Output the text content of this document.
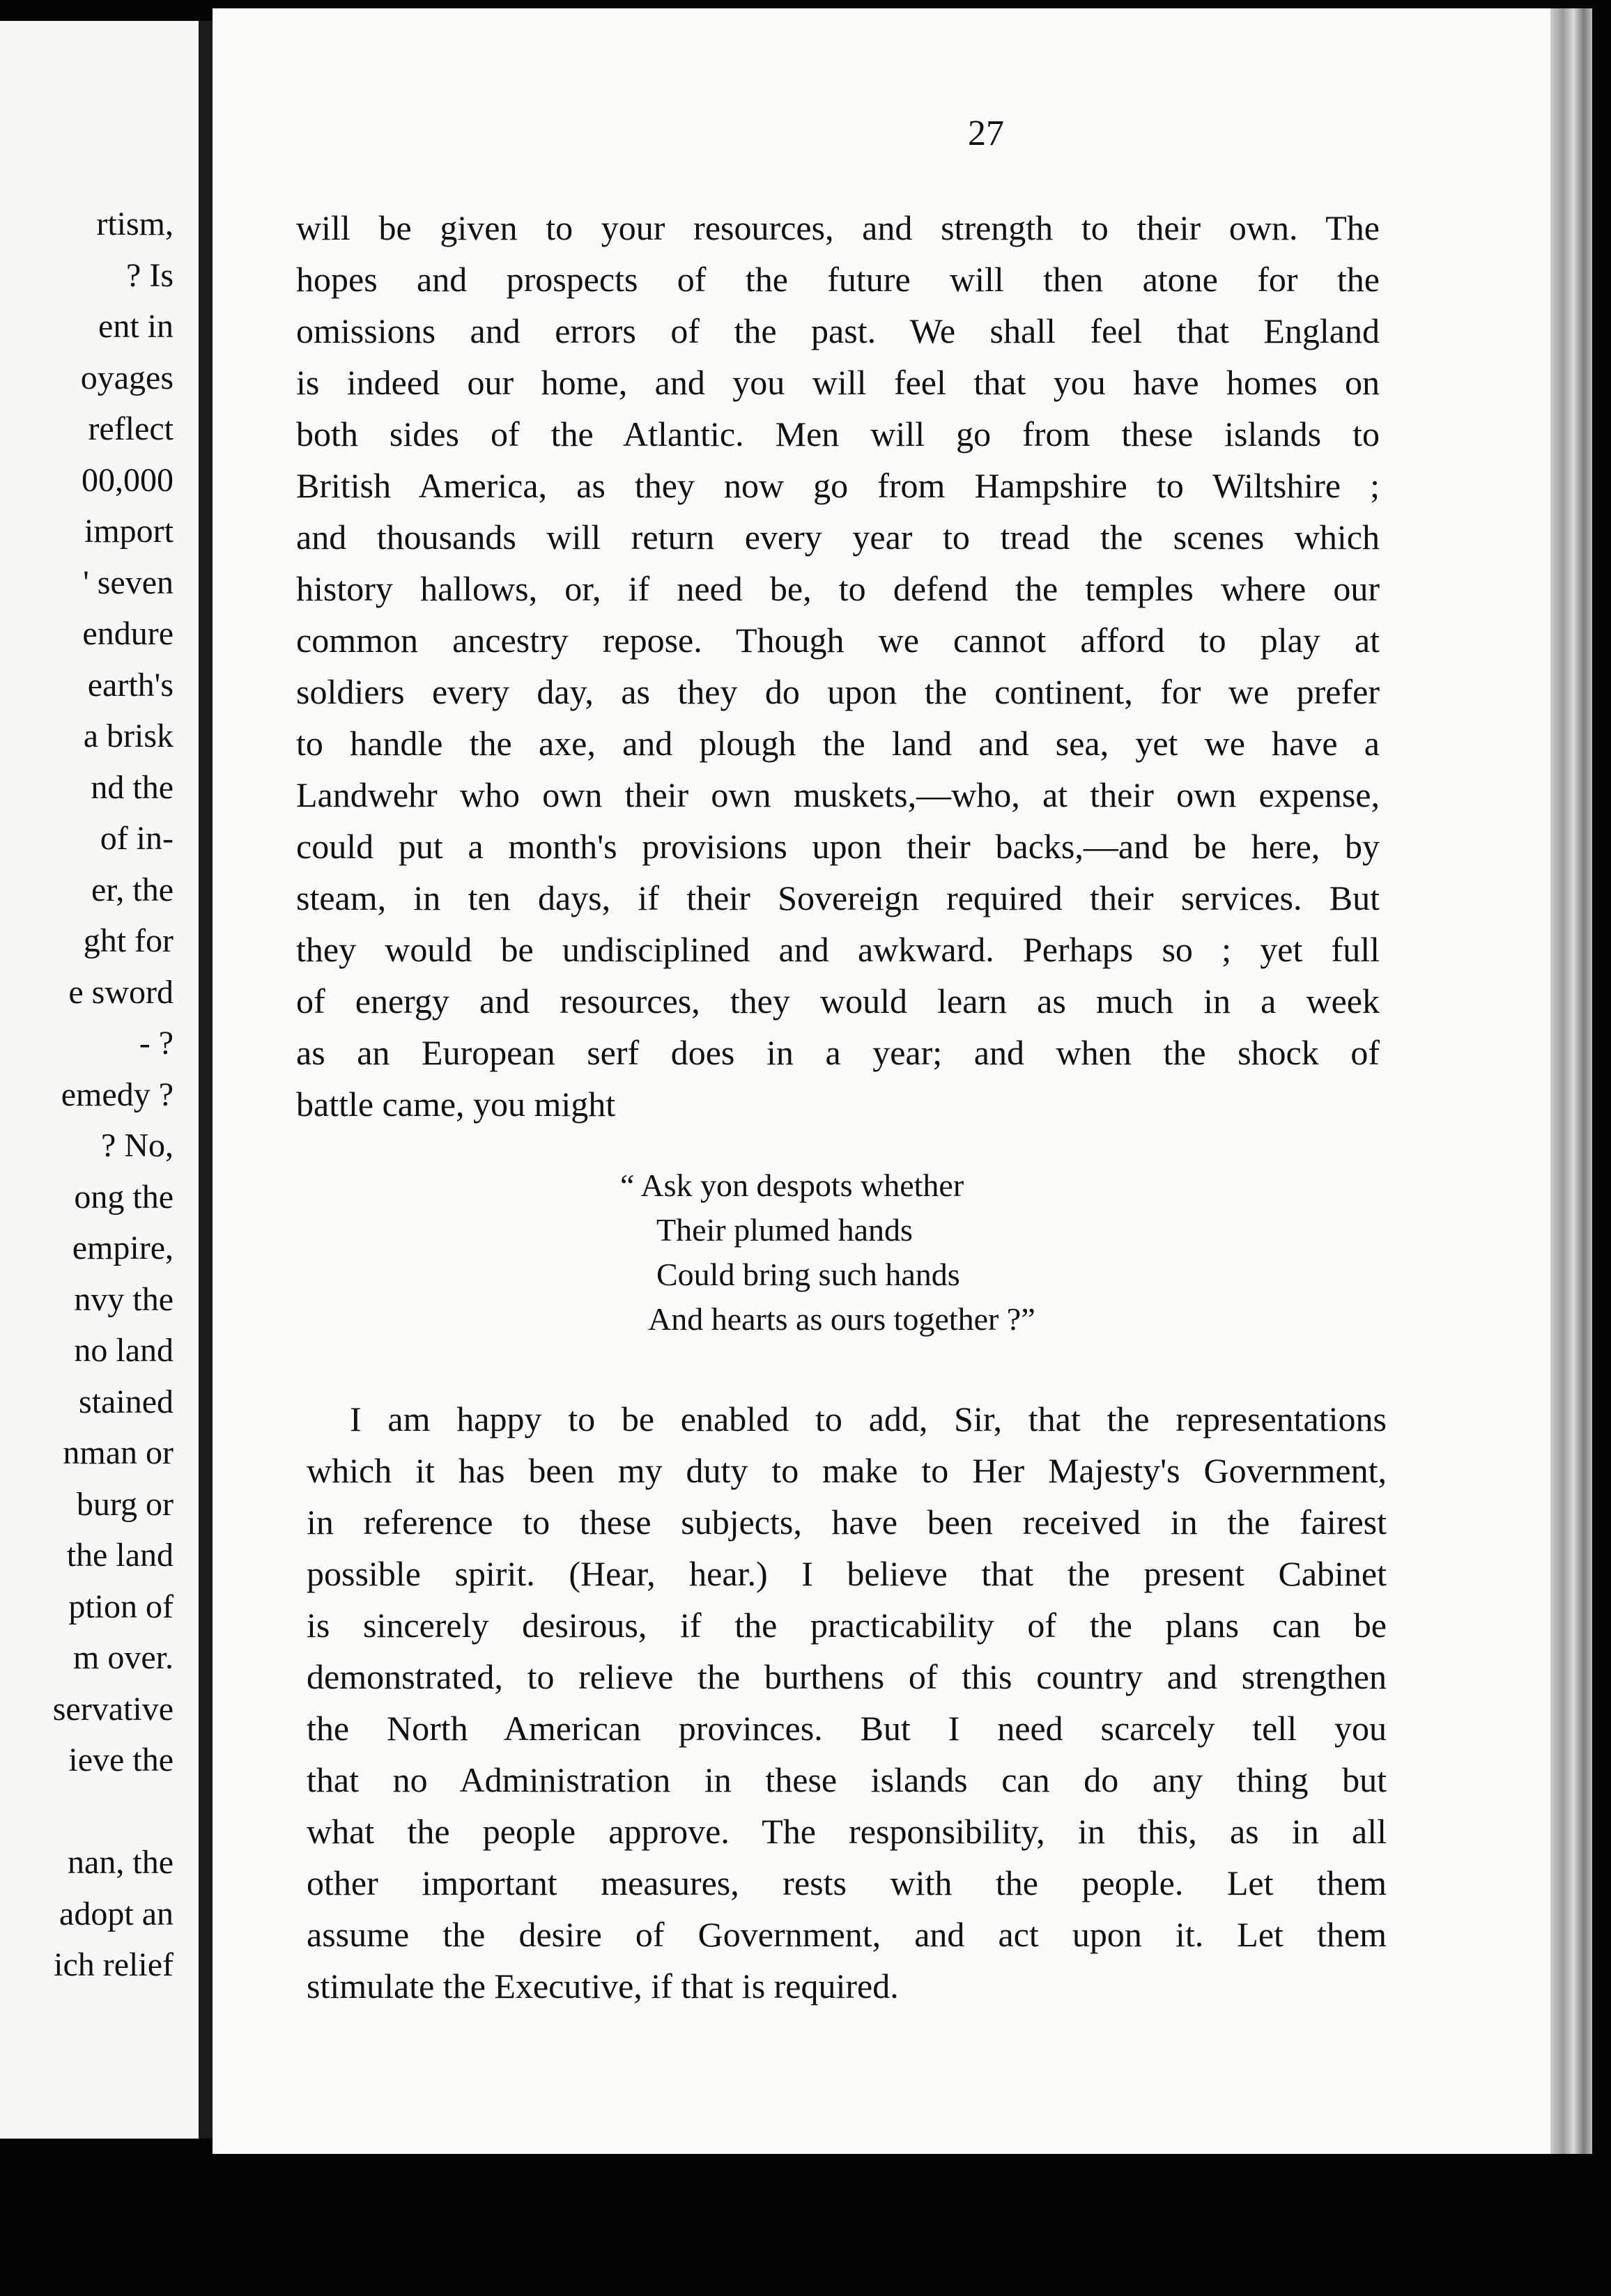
rtism,
? Is
ent in
oyages
reflect
00,000
import
' seven
endure
earth's
a brisk
nd the
of in-
er, the
ght for
e sword
- ?
emedy ?
? No,
ong the
empire,
nvy the
no land
stained
nman or
burg or
the land
ption of
m over.
servative
ieve the
nan, the
adopt an
ich relief
27
will be given to your resources, and strength to their own. The
hopes and prospects of the future will then atone for the
omissions and errors of the past. We shall feel that England
is indeed our home, and you will feel that you have homes on
both sides of the Atlantic. Men will go from these islands to
British America, as they now go from Hampshire to Wiltshire ;
and thousands will return every year to tread the scenes which
history hallows, or, if need be, to defend the temples where our
common ancestry repose. Though we cannot afford to play at
soldiers every day, as they do upon the continent, for we prefer
to handle the axe, and plough the land and sea, yet we have a
Landwehr who own their own muskets,—who, at their own expense,
could put a month's provisions upon their backs,—and be here, by
steam, in ten days, if their Sovereign required their services. But
they would be undisciplined and awkward. Perhaps so ; yet full
of energy and resources, they would learn as much in a week
as an European serf does in a year; and when the shock of
battle came, you might
“ Ask yon despots whether
Their plumed hands
Could bring such hands
And hearts as ours together ?”
I am happy to be enabled to add, Sir, that the representations
which it has been my duty to make to Her Majesty's Government,
in reference to these subjects, have been received in the fairest
possible spirit. (Hear, hear.) I believe that the present Cabinet
is sincerely desirous, if the practicability of the plans can be
demonstrated, to relieve the burthens of this country and strengthen
the North American provinces. But I need scarcely tell you
that no Administration in these islands can do any thing but
what the people approve. The responsibility, in this, as in all
other important measures, rests with the people. Let them
assume the desire of Government, and act upon it. Let them
stimulate the Executive, if that is required.
